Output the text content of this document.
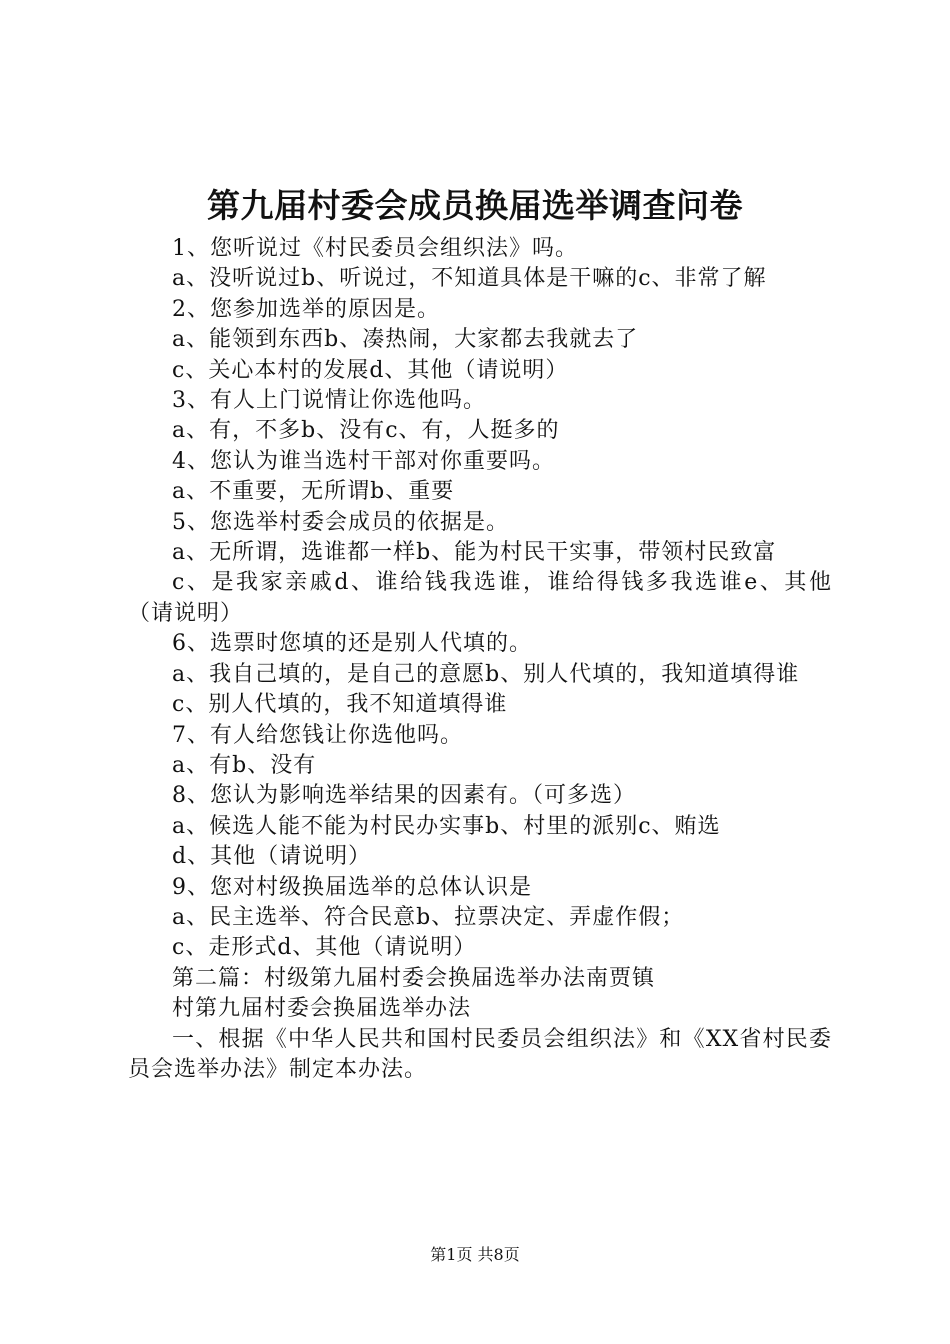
第九届村委会成员换届选举调查问卷

1、您听说过《村民委员会组织法》吗。

a、没听说过b、听说过，不知道具体是干嘛的c、非常了解

2、您参加选举的原因是。

a、能领到东西b、凑热闹，大家都去我就去了

c、关心本村的发展d、其他（请说明）

3、有人上门说情让你选他吗。

a、有，不多b、没有c、有，人挺多的

4、您认为谁当选村干部对你重要吗。

a、不重要，无所谓b、重要

5、您选举村委会成员的依据是。

a、无所谓，选谁都一样b、能为村民干实事，带领村民致富

c、是我家亲戚d、谁给钱我选谁，谁给得钱多我选谁e、其他（请说明）

6、选票时您填的还是别人代填的。

a、我自己填的，是自己的意愿b、别人代填的，我知道填得谁

c、别人代填的，我不知道填得谁

7、有人给您钱让你选他吗。

a、有b、没有

8、您认为影响选举结果的因素有。（可多选）

a、候选人能不能为村民办实事b、村里的派别c、贿选

d、其他（请说明）

9、您对村级换届选举的总体认识是

a、民主选举、符合民意b、拉票决定、弄虚作假；

c、走形式d、其他（请说明）

第二篇：村级第九届村委会换届选举办法南贾镇

村第九届村委会换届选举办法

一、根据《中华人民共和国村民委员会组织法》和《XX省村民委员会选举办法》制定本办法。

第1页 共8页
